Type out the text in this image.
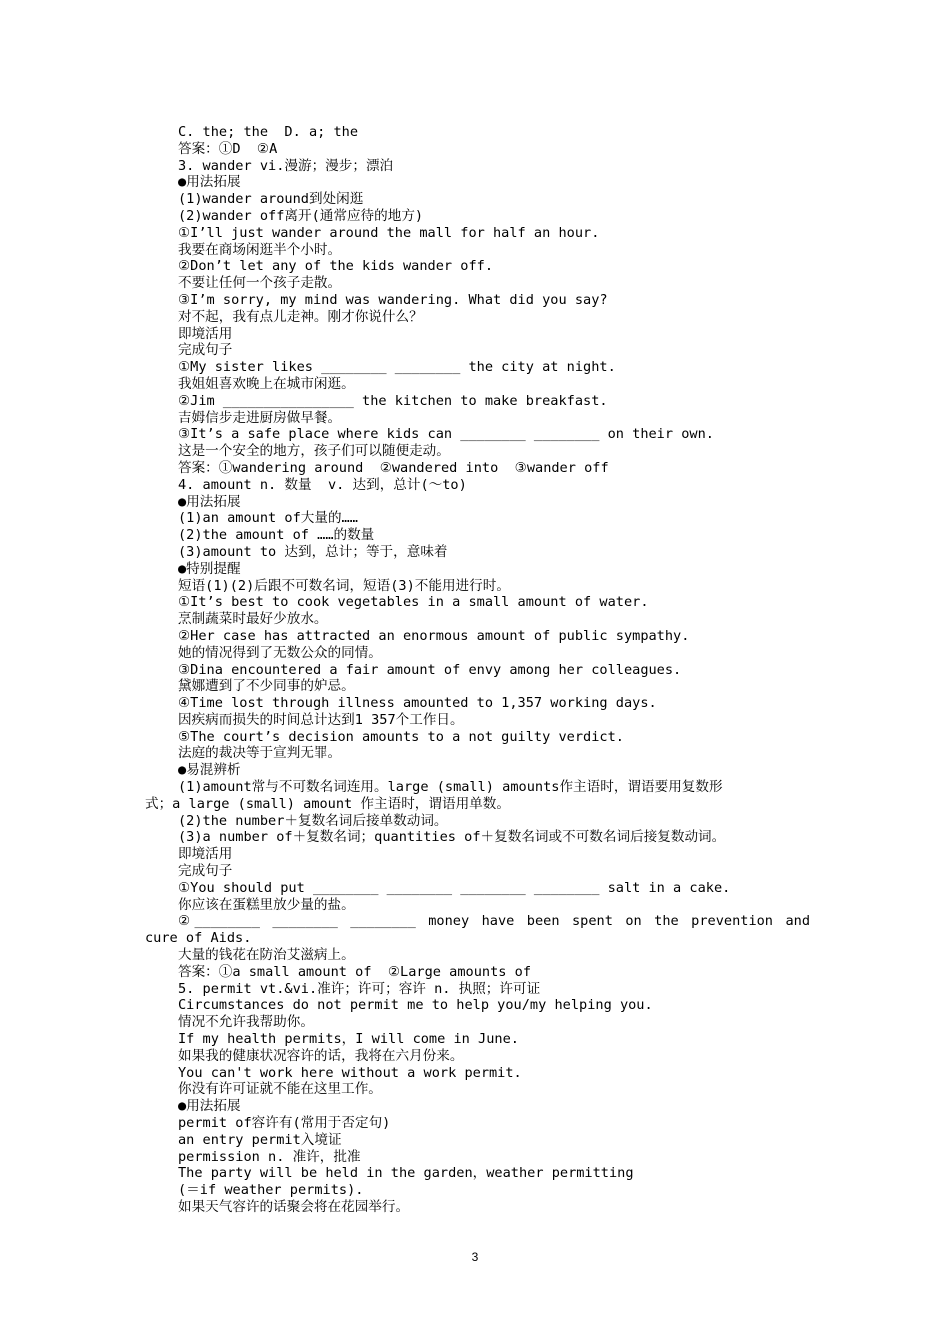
C. the; the  D. a; the
答案：①D  ②A
3. wander vi.漫游；漫步；漂泊
●用法拓展
(1)wander around到处闲逛
(2)wander off离开(通常应待的地方)
①I’ll just wander around the mall for half an hour.
我要在商场闲逛半个小时。
②Don’t let any of the kids wander off.
不要让任何一个孩子走散。
③I’m sorry, my mind was wandering. What did you say?
对不起，我有点儿走神。刚才你说什么？
即境活用
完成句子
①My sister likes ________ ________ the city at night.
我姐姐喜欢晚上在城市闲逛。
②Jim ________________ the kitchen to make breakfast.
吉姆信步走进厨房做早餐。
③It’s a safe place where kids can ________ ________ on their own.
这是一个安全的地方，孩子们可以随便走动。
答案：①wandering around  ②wandered into  ③wander off
4. amount n. 数量  v. 达到，总计(～to)
●用法拓展
(1)an amount of大量的……
(2)the amount of ……的数量
(3)amount to 达到，总计；等于，意味着
●特别提醒
短语(1)(2)后跟不可数名词，短语(3)不能用进行时。
①It’s best to cook vegetables in a small amount of water.
烹制蔬菜时最好少放水。
②Her case has attracted an enormous amount of public sympathy.
她的情况得到了无数公众的同情。
③Dina encountered a fair amount of envy among her colleagues.
黛娜遭到了不少同事的妒忌。
④Time lost through illness amounted to 1,357 working days.
因疾病而损失的时间总计达到1 357个工作日。
⑤The court’s decision amounts to a not guilty verdict.
法庭的裁决等于宣判无罪。
●易混辨析
(1)amount常与不可数名词连用。large (small) amounts作主语时，谓语要用复数形
式；a large (small) amount 作主语时，谓语用单数。
(2)the number＋复数名词后接单数动词。
(3)a number of＋复数名词；quantities of＋复数名词或不可数名词后接复数动词。
即境活用
完成句子
①You should put ________ ________ ________ ________ salt in a cake.
你应该在蛋糕里放少量的盐。
②________ ________ ________ money have been spent on the prevention and
cure of Aids.
大量的钱花在防治艾滋病上。
答案：①a small amount of  ②Large amounts of
5. permit vt.&vi.准许；许可；容许 n. 执照；许可证
Circumstances do not permit me to help you/my helping you.
情况不允许我帮助你。
If my health permits，I will come in June.
如果我的健康状况容许的话，我将在六月份来。
You can't work here without a work permit.
你没有许可证就不能在这里工作。
●用法拓展
permit of容许有(常用于否定句)
an entry permit入境证
permission n. 准许，批准
The party will be held in the garden，weather permitting
(＝if weather permits).
如果天气容许的话聚会将在花园举行。
3
